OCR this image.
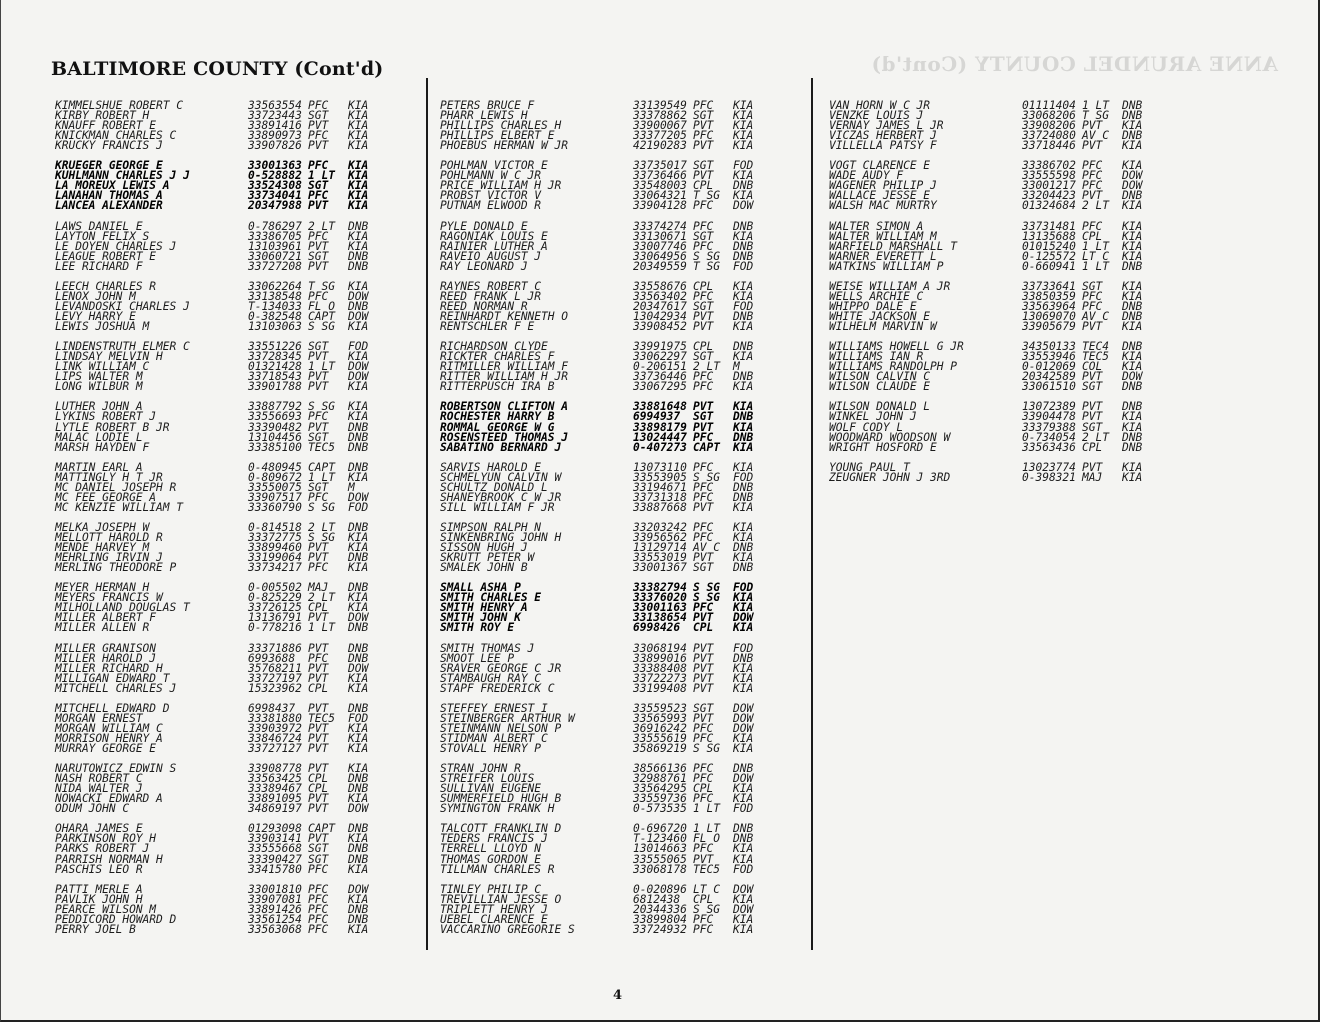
ANNE ARUNDEL COUNTY (Cont'd)
BALTIMORE COUNTY (Cont'd)
KIMMELSHUE ROBERT C	33563554 PFC KIA
KIRBY ROBERT H	33723443 SGT KIA
KNAUFF ROBERT E	33891416 PVT KIA
KNICKMAN CHARLES C	33890973 PFC KIA
KRUCKY FRANCIS J	33907826 PVT KIA
KRUEGER GEORGE E	33001363 PFC KIA
KUHLMANN CHARLES J J	0-528882 1 LT KIA
LA MOREUX LEWIS A	33524308 SGT KIA
LANAHAN THOMAS A	33734041 PFC KIA
LANCEA ALEXANDER	20347988 PVT KIA
LAWS DANIEL E	0-786297 2 LT DNB
LAYTON FELIX S	33386705 PFC KIA
LE DOYEN CHARLES J	13103961 PVT KIA
LEAGUE ROBERT E	33060721 SGT DNB
LEE RICHARD F	33727208 PVT DNB
LEECH CHARLES R	33062264 T SG KIA
LENOX JOHN M	33138548 PFC DOW
LEVANDOSKI CHARLES J	T-134033 FL O DNB
LEVY HARRY E	0-382548 CAPT DOW
LEWIS JOSHUA M	13103063 S SG KIA
LINDENSTRUTH ELMER C	33551226 SGT FOD
LINDSAY MELVIN H	33728345 PVT KIA
LINK WILLIAM C	01321428 1 LT DOW
LIPS WALTER M	33718543 PVT DOW
LONG WILBUR M	33901788 PVT KIA
LUTHER JOHN A	33887792 S SG KIA
LYKINS ROBERT J	33556693 PFC KIA
LYTLE ROBERT B JR	33390482 PVT DNB
MALAC LODIE L	13104456 SGT DNB
MARSH HAYDEN F	33385100 TEC5 DNB
MARTIN EARL A	0-480945 CAPT DNB
MATTINGLY H T JR	0-809672 1 LT KIA
MC DANIEL JOSEPH R	33550075 SGT M
MC FEE GEORGE A	33907517 PFC DOW
MC KENZIE WILLIAM T	33360790 S SG FOD
MELKA JOSEPH W	0-814518 2 LT DNB
MELLOTT HAROLD R	33372775 S SG KIA
MENDE HARVEY M	33899460 PVT KIA
MEHRLING IRVIN J	33199064 PVT DNB
MERLING THEODORE P	33734217 PFC KIA
MEYER HERMAN H	0-005502 MAJ DNB
MEYERS FRANCIS W	0-825229 2 LT KIA
MILHOLLAND DOUGLAS T	33726125 CPL KIA
MILLER ALBERT F	13136791 PVT DOW
MILLER ALLEN R	0-778216 1 LT DNB
MILLER GRANISON	33371886 PVT DNB
MILLER HAROLD J	6993688 PFC DNB
MILLER RICHARD H	35768211 PVT DOW
MILLIGAN EDWARD T	33727197 PVT KIA
MITCHELL CHARLES J	15323962 CPL KIA
MITCHELL EDWARD D	6998437 PVT DNB
MORGAN ERNEST	33381880 TEC5 FOD
MORGAN WILLIAM C	33903972 PVT KIA
MORRISON HENRY A	33846724 PVT KIA
MURRAY GEORGE E	33727127 PVT KIA
NARUTOWICZ EDWIN S	33908778 PVT KIA
NASH ROBERT C	33563425 CPL DNB
NIDA WALTER J	33389467 CPL DNB
NOWACKI EDWARD A	33891095 PVT KIA
ODUM JOHN C	34869197 PVT DOW
OHARA JAMES E	01293098 CAPT DNB
PARKINSON ROY H	33903141 PVT KIA
PARKS ROBERT J	33555668 SGT DNB
PARRISH NORMAN H	33390427 SGT DNB
PASCHIS LEO R	33415780 PFC KIA
PATTI MERLE A	33001810 PFC DOW
PAVLIK JOHN H	33907081 PFC KIA
PEARCE WILSON M	33891426 PFC DNB
PEDDICORD HOWARD D	33561254 PFC DNB
PERRY JOEL B	33563068 PFC KIA
PETERS BRUCE F	33139549 PFC KIA
PHARR LEWIS H	33378862 SGT KIA
PHILLIPS CHARLES H	33900067 PVT KIA
PHILLIPS ELBERT E	33377205 PFC KIA
PHOEBUS HERMAN W JR	42190283 PVT KIA
POHLMAN VICTOR E	33735017 SGT FOD
POHLMANN W C JR	33736466 PVT KIA
PRICE WILLIAM H JR	33548003 CPL DNB
PROBST VICTOR V	33064321 T SG KIA
PUTNAM ELWOOD R	33904128 PFC DOW
PYLE DONALD E	33374274 PFC DNB
RAGONIAK LOUIS E	33130671 SGT KIA
RAINIER LUTHER A	33007746 PFC DNB
RAVEIO AUGUST J	33064956 S SG DNB
RAY LEONARD J	20349559 T SG FOD
RAYNES ROBERT C	33558676 CPL KIA
REED FRANK L JR	33563402 PFC KIA
REED NORMAN R	20347617 SGT FOD
REINHARDT KENNETH O	13042934 PVT DNB
RENTSCHLER F E	33908452 PVT KIA
RICHARDSON CLYDE	33991975 CPL DNB
RICKTER CHARLES F	33062297 SGT KIA
RITMILLER WILLIAM F	0-206151 2 LT M
RITTER WILLIAM H JR	33736446 PFC DNB
RITTERPUSCH IRA B	33067295 PFC KIA
ROBERTSON CLIFTON A	33881648 PVT KIA
ROCHESTER HARRY B	6994937 SGT DNB
ROMMAL GEORGE W G	33898179 PVT KIA
ROSENSTEED THOMAS J	13024447 PFC DNB
SABATINO BERNARD J	0-407273 CAPT KIA
SARVIS HAROLD E	13073110 PFC KIA
SCHMELYUN CALVIN W	33553905 S SG FOD
SCHULTZ DONALD L	33194671 PFC DNB
SHANEYBROOK C W JR	33731318 PFC DNB
SILL WILLIAM F JR	33887668 PVT KIA
SIMPSON RALPH N	33203242 PFC KIA
SINKENBRING JOHN H	33956562 PFC KIA
SISSON HUGH J	13129714 AV C DNB
SKRUTT PETER W	33553019 PVT KIA
SMALEK JOHN B	33001367 SGT DNB
SMALL ASHA P	33382794 S SG FOD
SMITH CHARLES E	33376020 S SG KIA
SMITH HENRY A	33001163 PFC KIA
SMITH JOHN K	33138654 PVT DOW
SMITH ROY E	6998426 CPL KIA
SMITH THOMAS J	33068194 PVT FOD
SMOOT LEE P	33899016 PVT DNB
SRAVER GEORGE C JR	33388408 PVT KIA
STAMBAUGH RAY C	33722273 PVT KIA
STAPF FREDERICK C	33199408 PVT KIA
STEFFEY ERNEST I	33559523 SGT DOW
STEINBERGER ARTHUR W	33565993 PVT DOW
STEINMANN NELSON P	36916242 PFC DOW
STIDMAN ALBERT C	33555619 PFC KIA
STOVALL HENRY P	35869219 S SG KIA
STRAN JOHN R	38566136 PFC DNB
STREIFER LOUIS	32988761 PFC DOW
SULLIVAN EUGENE	33564295 CPL KIA
SUMMERFIELD HUGH B	33559736 PFC KIA
SYMINGTON FRANK H	0-573535 1 LT FOD
TALCOTT FRANKLIN D	0-696720 1 LT DNB
TEDERS FRANCIS J	T-123460 FL O DNB
TERRELL LLOYD N	13014663 PFC KIA
THOMAS GORDON E	33555065 PVT KIA
TILLMAN CHARLES R	33068178 TEC5 FOD
TINLEY PHILIP C	0-020896 LT C DOW
TREVILLIAN JESSE O	6812438 CPL KIA
TRIPLETT HENRY J	20344336 S SG DOW
UEBEL CLARENCE E	33899804 PFC KIA
VACCARINO GREGORIE S	33724932 PFC KIA
VAN HORN W C JR	01111404 1 LT DNB
VENZKE LOUIS J	33068206 T SG DNB
VERNAY JAMES L JR	33908206 PVT KIA
VICZAS HERBERT J	33724080 AV C DNB
VILLELLA PATSY F	33718446 PVT KIA
VOGT CLARENCE E	33386702 PFC KIA
WADE AUDY F	33555598 PFC DOW
WAGENER PHILIP J	33001217 PFC DOW
WALLACE JESSE E	33204423 PVT DNB
WALSH MAC MURTRY	01324684 2 LT KIA
WALTER SIMON A	33731481 PFC KIA
WALTER WILLIAM M	13135688 CPL KIA
WARFIELD MARSHALL T	01015240 1 LT KIA
WARNER EVERETT L	0-125572 LT C KIA
WATKINS WILLIAM P	0-660941 1 LT DNB
WEISE WILLIAM A JR	33733641 SGT KIA
WELLS ARCHIE C	33850359 PFC KIA
WHIPPO DALE E	33563964 PFC DNB
WHITE JACKSON E	13069070 AV C DNB
WILHELM MARVIN W	33905679 PVT KIA
WILLIAMS HOWELL G JR	34350133 TEC4 DNB
WILLIAMS IAN R	33553946 TEC5 KIA
WILLIAMS RANDOLPH P	0-012069 COL KIA
WILSON CALVIN C	20342589 PVT DOW
WILSON CLAUDE E	33061510 SGT DNB
WILSON DONALD L	13072389 PVT DNB
WINKEL JOHN J	33904478 PVT KIA
WOLF CODY L	33379388 SGT KIA
WOODWARD WOODSON W	0-734054 2 LT DNB
WRIGHT HOSFORD E	33563436 CPL DNB
YOUNG PAUL T	13023774 PVT KIA
ZEUGNER JOHN J 3RD	0-398321 MAJ KIA
4
